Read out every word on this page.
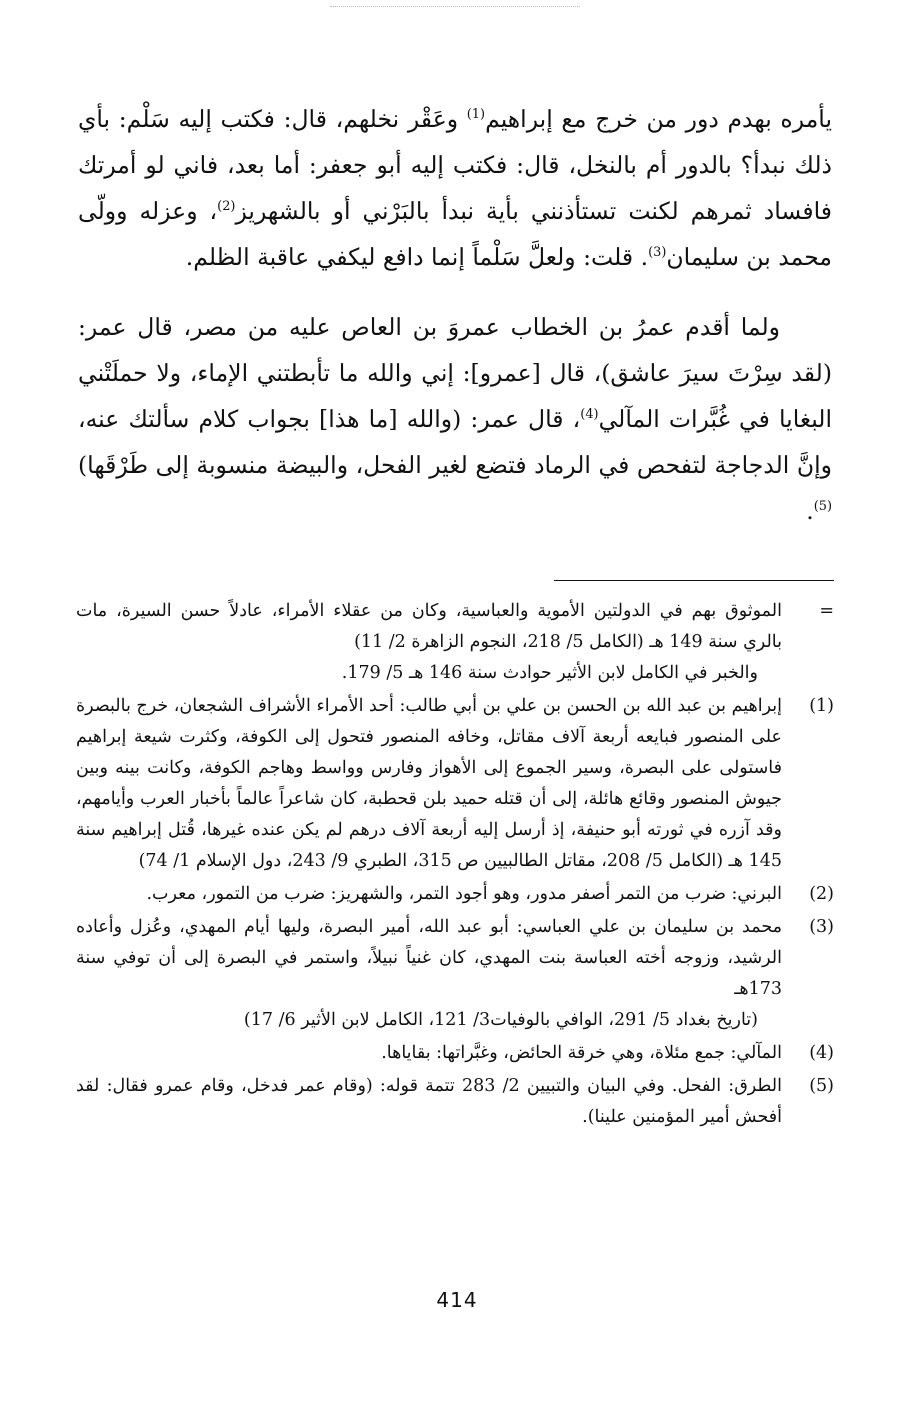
يأمره بهدم دور من خرج مع إبراهيم$^{(1)}$ وعَقْر نخلهم، قال: فكتب إليه سَلْم: بأي ذلك نبدأ؟ بالدور أم بالنخل، قال: فكتب إليه أبو جعفر: أما بعد، فاني لو أمرتك فافساد ثمرهم لكنت تستأذنني بأية نبدأ بالبَرْني أو بالشهريز$^{(2)}$، وعزله وولّى محمد بن سليمان$^{(3)}$. قلت: ولعلَّ سَلْماً إنما دافع ليكفي عاقبة الظلم.

ولما أقدم عمرُ بن الخطاب عمروَ بن العاص عليه من مصر، قال عمر: (لقد سِرْتَ سيرَ عاشق)، قال [عمرو]: إني والله ما تأبطتني الإماء، ولا حملَتْني البغايا في غُبَّرات المآلي$^{(4)}$، قال عمر: (والله [ما هذا] بجواب كلام سألتك عنه، وإنَّ الدجاجة لتفحص في الرماد فتضع لغير الفحل، والبيضة منسوبة إلى طَرْقَها)$^{(5)}$.

=
الموثوق بهم في الدولتين الأموية والعباسية، وكان من عقلاء الأمراء، عادلاً حسن السيرة، مات بالري سنة 149 هـ (الكامل 5/ 218، النجوم الزاهرة 2/ 11)
والخبر في الكامل لابن الأثير حوادث سنة 146 هـ 5/ 179.
(1)
إبراهيم بن عبد الله بن الحسن بن علي بن أبي طالب: أحد الأمراء الأشراف الشجعان، خرج بالبصرة على المنصور فبايعه أربعة آلاف مقاتل، وخافه المنصور فتحول إلى الكوفة، وكثرت شيعة إبراهيم فاستولى على البصرة، وسير الجموع إلى الأهواز وفارس وواسط وهاجم الكوفة، وكانت بينه وبين جيوش المنصور وقائع هائلة، إلى أن قتله حميد بلن قحطبة، كان شاعراً عالماً بأخبار العرب وأيامهم، وقد آزره في ثورته أبو حنيفة، إذ أرسل إليه أربعة آلاف درهم لم يكن عنده غيرها، قُتل إبراهيم سنة 145 هـ (الكامل 5/ 208، مقاتل الطالبيين ص 315، الطبري 9/ 243، دول الإسلام 1/ 74)
(2)
البرني: ضرب من التمر أصفر مدور، وهو أجود التمر، والشهريز: ضرب من التمور، معرب.
(3)
محمد بن سليمان بن علي العباسي: أبو عبد الله، أمير البصرة، وليها أيام المهدي، وعُزل وأعاده الرشيد، وزوجه أخته العباسة بنت المهدي، كان غنياً نبيلاً، واستمر في البصرة إلى أن توفي سنة 173هـ
(تاريخ بغداد 5/ 291، الوافي بالوفيات3/ 121، الكامل لابن الأثير 6/ 17)
(4)
المآلي: جمع مئلاة، وهي خرقة الحائض، وغبَّراتها: بقاياها.
(5)
الطرق: الفحل. وفي البيان والتبيين 2/ 283 تتمة قوله: (وقام عمر فدخل، وقام عمرو فقال: لقد أفحش أمير المؤمنين علينا).
414
